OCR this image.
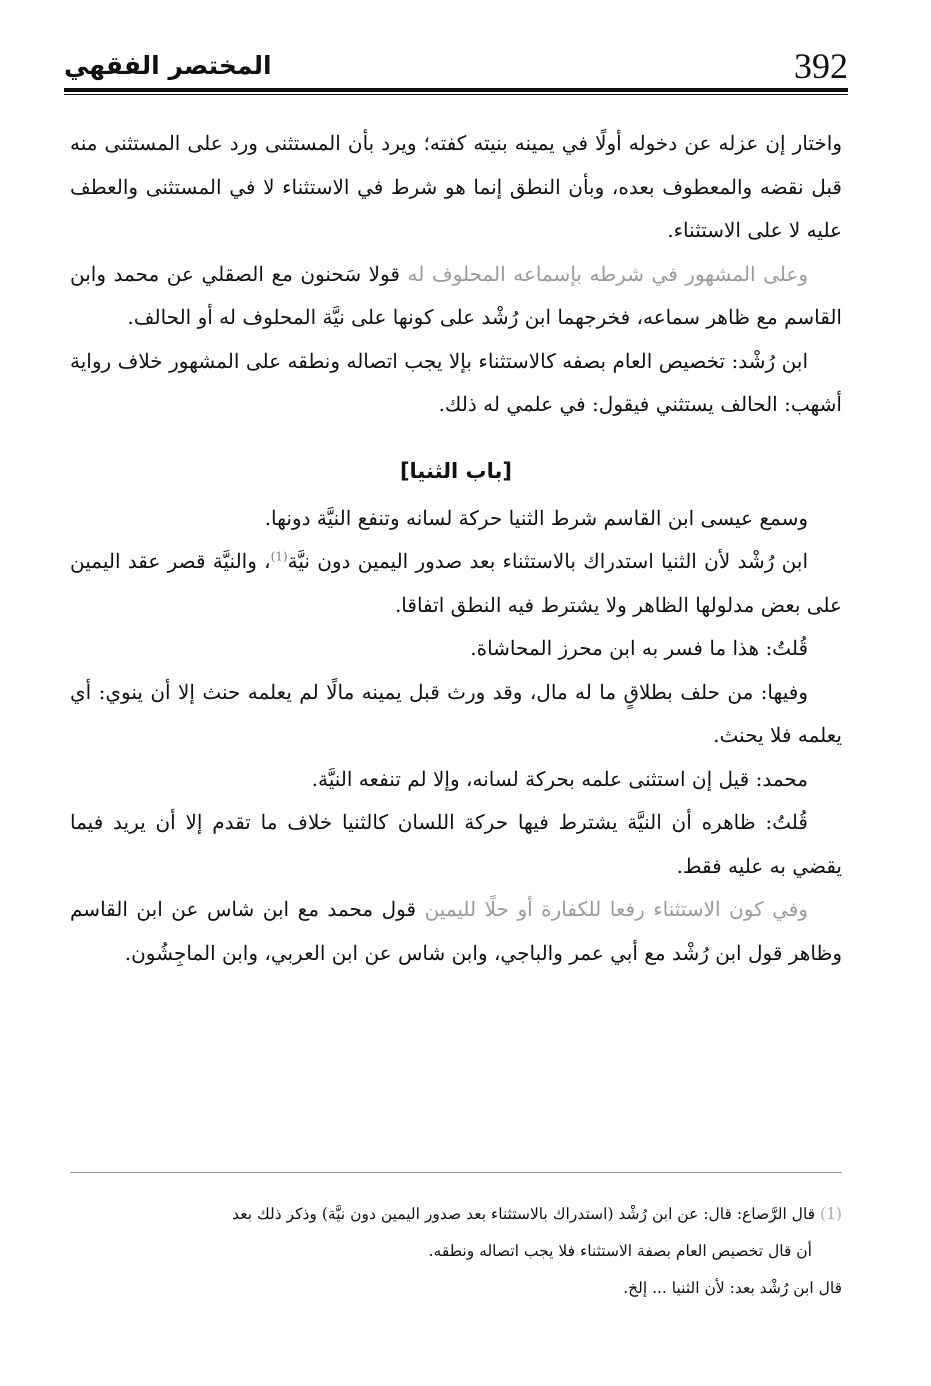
392
المختصر الفقهي

واختار إن عزله عن دخوله أولًا في يمينه بنيته كفته؛ ويرد بأن المستثنى ورد على المستثنى منه قبل نقضه والمعطوف بعده، وبأن النطق إنما هو شرط في الاستثناء لا في المستثنى والعطف عليه لا على الاستثناء.

وعلى المشهور في شرطه بإسماعه المحلوف له قولا سَحنون مع الصقلي عن محمد وابن القاسم مع ظاهر سماعه، فخرجهما ابن رُشْد على كونها على نيَّة المحلوف له أو الحالف.

ابن رُشْد: تخصيص العام بصفه كالاستثناء بإلا يجب اتصاله ونطقه على المشهور خلاف رواية أشهب: الحالف يستثني فيقول: في علمي له ذلك.

[باب الثنيا]

وسمع عيسى ابن القاسم شرط الثنيا حركة لسانه وتنفع النيَّة دونها.

ابن رُشْد لأن الثنيا استدراك بالاستثناء بعد صدور اليمين دون نيَّة$^{(1)}$، والنيَّة قصر عقد اليمين على بعض مدلولها الظاهر ولا يشترط فيه النطق اتفاقا.

قُلتُ: هذا ما فسر به ابن محرز المحاشاة.

وفيها: من حلف بطلاقٍ ما له مال، وقد ورث قبل يمينه مالًا لم يعلمه حنث إلا أن ينوي: أي يعلمه فلا يحنث.

محمد: قيل إن استثنى علمه بحركة لسانه، وإلا لم تنفعه النيَّة.

قُلتُ: ظاهره أن النيَّة يشترط فيها حركة اللسان كالثنيا خلاف ما تقدم إلا أن يريد فيما يقضي به عليه فقط.

وفي كون الاستثناء رفعا للكفارة أو حلًا لليمين قول محمد مع ابن شاس عن ابن القاسم وظاهر قول ابن رُشْد مع أبي عمر والباجي، وابن شاس عن ابن العربي، وابن الماجِشُون.

(1) قال الرَّصاع: قال: عن ابن رُشْد (استدراك بالاستثناء بعد صدور اليمين دون نيَّة) وذكر ذلك بعد

أن قال تخصيص العام بصفة الاستثناء فلا يجب اتصاله ونطقه.

قال ابن رُشْد بعد: لأن الثنيا ... إلخ.
